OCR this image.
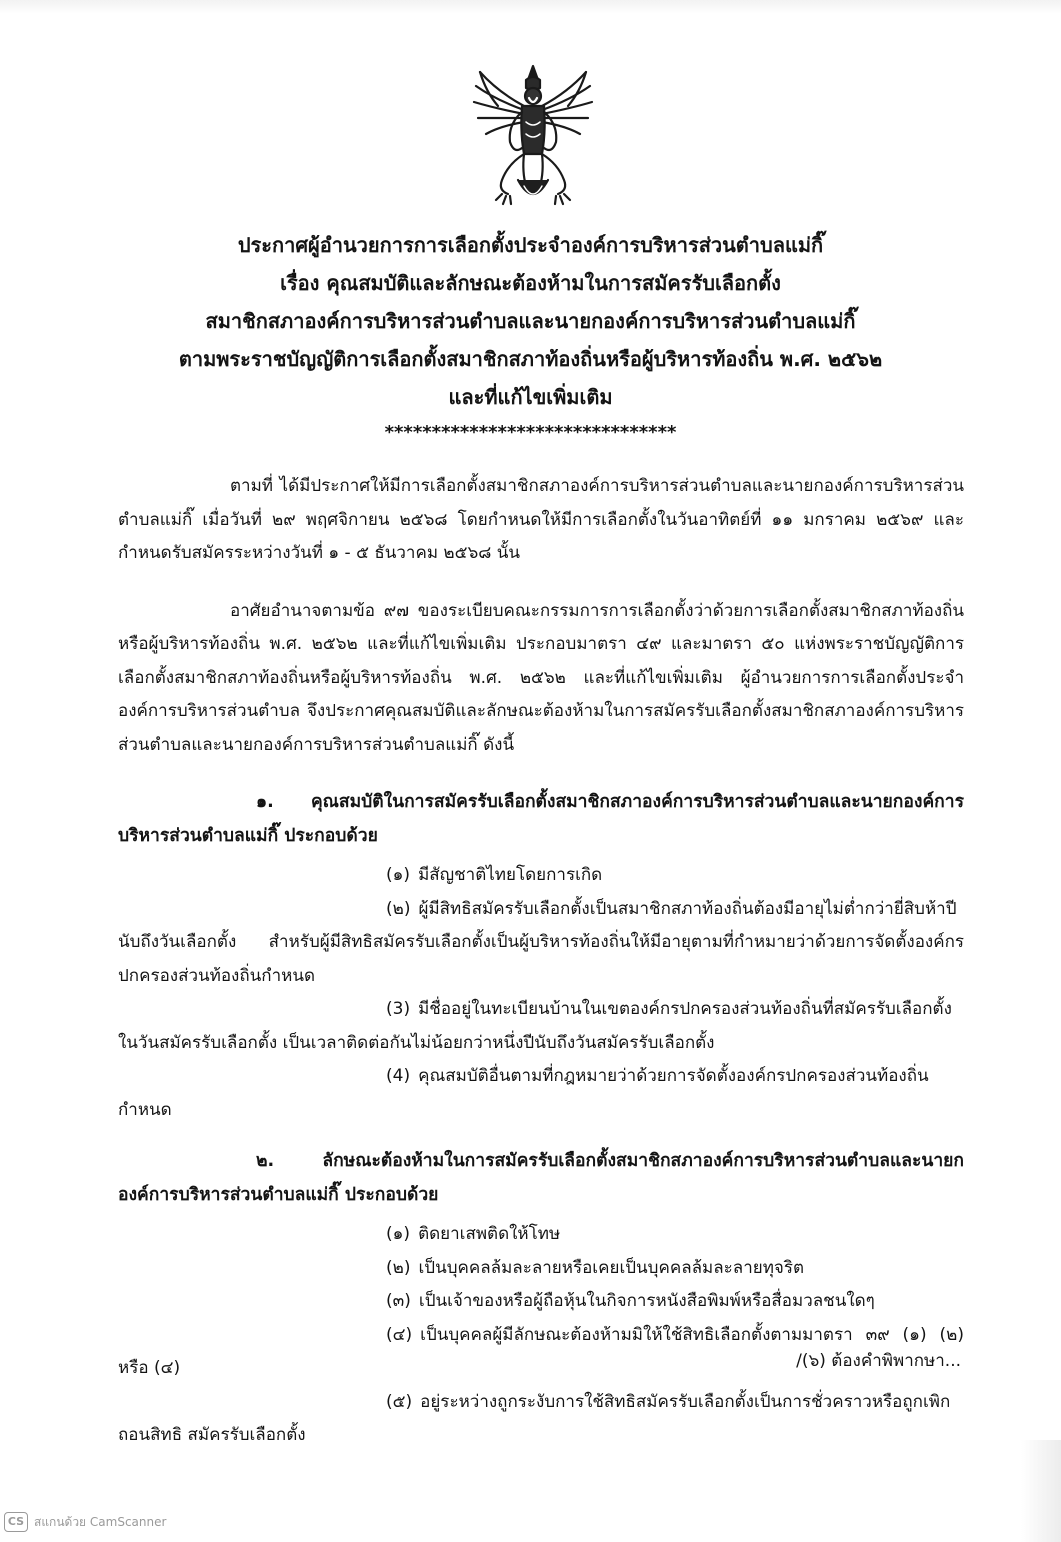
ประกาศผู้อำนวยการการเลือกตั้งประจำองค์การบริหารส่วนตำบลแม่กิ๊
เรื่อง คุณสมบัติและลักษณะต้องห้ามในการสมัครรับเลือกตั้ง
สมาชิกสภาองค์การบริหารส่วนตำบลและนายกองค์การบริหารส่วนตำบลแม่กิ๊
ตามพระราชบัญญัติการเลือกตั้งสมาชิกสภาท้องถิ่นหรือผู้บริหารท้องถิ่น พ.ศ. ๒๕๖๒
และที่แก้ไขเพิ่มเติม
*******************************

ตามที่ ได้มีประกาศให้มีการเลือกตั้งสมาชิกสภาองค์การบริหารส่วนตำบลและนายกองค์การบริหารส่วนตำบลแม่กิ๊ เมื่อวันที่ ๒๙ พฤศจิกายน ๒๕๖๘ โดยกำหนดให้มีการเลือกตั้งในวันอาทิตย์ที่ ๑๑ มกราคม ๒๕๖๙ และกำหนดรับสมัครระหว่างวันที่ ๑ - ๕ ธันวาคม ๒๕๖๘ นั้น

อาศัยอำนาจตามข้อ ๙๗ ของระเบียบคณะกรรมการการเลือกตั้งว่าด้วยการเลือกตั้งสมาชิกสภาท้องถิ่นหรือผู้บริหารท้องถิ่น พ.ศ. ๒๕๖๒ และที่แก้ไขเพิ่มเติม ประกอบมาตรา ๔๙ และมาตรา ๕๐ แห่งพระราชบัญญัติการเลือกตั้งสมาชิกสภาท้องถิ่นหรือผู้บริหารท้องถิ่น พ.ศ. ๒๕๖๒ และที่แก้ไขเพิ่มเติม ผู้อำนวยการการเลือกตั้งประจำองค์การบริหารส่วนตำบล จึงประกาศคุณสมบัติและลักษณะต้องห้ามในการสมัครรับเลือกตั้งสมาชิกสภาองค์การบริหารส่วนตำบลและนายกองค์การบริหารส่วนตำบลแม่กิ๊ ดังนี้

๑. คุณสมบัติในการสมัครรับเลือกตั้งสมาชิกสภาองค์การบริหารส่วนตำบลและนายกองค์การบริหารส่วนตำบลแม่กิ๊ ประกอบด้วย

(๑) มีสัญชาติไทยโดยการเกิด

(๒) ผู้มีสิทธิสมัครรับเลือกตั้งเป็นสมาชิกสภาท้องถิ่นต้องมีอายุไม่ต่ำกว่ายี่สิบห้าปีนับถึงวันเลือกตั้ง สำหรับผู้มีสิทธิสมัครรับเลือกตั้งเป็นผู้บริหารท้องถิ่นให้มีอายุตามที่กำหมายว่าด้วยการจัดตั้งองค์กรปกครองส่วนท้องถิ่นกำหนด

(3) มีชื่ออยู่ในทะเบียนบ้านในเขตองค์กรปกครองส่วนท้องถิ่นที่สมัครรับเลือกตั้งในวันสมัครรับเลือกตั้ง เป็นเวลาติดต่อกันไม่น้อยกว่าหนึ่งปีนับถึงวันสมัครรับเลือกตั้ง

(4) คุณสมบัติอื่นตามที่กฎหมายว่าด้วยการจัดตั้งองค์กรปกครองส่วนท้องถิ่นกำหนด

๒. ลักษณะต้องห้ามในการสมัครรับเลือกตั้งสมาชิกสภาองค์การบริหารส่วนตำบลและนายกองค์การบริหารส่วนตำบลแม่กิ๊ ประกอบด้วย

(๑) ติดยาเสพติดให้โทษ

(๒) เป็นบุคคลล้มละลายหรือเคยเป็นบุคคลล้มละลายทุจริต

(๓) เป็นเจ้าของหรือผู้ถือหุ้นในกิจการหนังสือพิมพ์หรือสื่อมวลชนใดๆ

(๔) เป็นบุคคลผู้มีลักษณะต้องห้ามมิให้ใช้สิทธิเลือกตั้งตามมาตรา ๓๙ (๑) (๒) หรือ (๔)

(๕) อยู่ระหว่างถูกระงับการใช้สิทธิสมัครรับเลือกตั้งเป็นการชั่วคราวหรือถูกเพิกถอนสิทธิ สมัครรับเลือกตั้ง

/(๖) ต้องคำพิพากษา...
CS สแกนด้วย CamScanner
